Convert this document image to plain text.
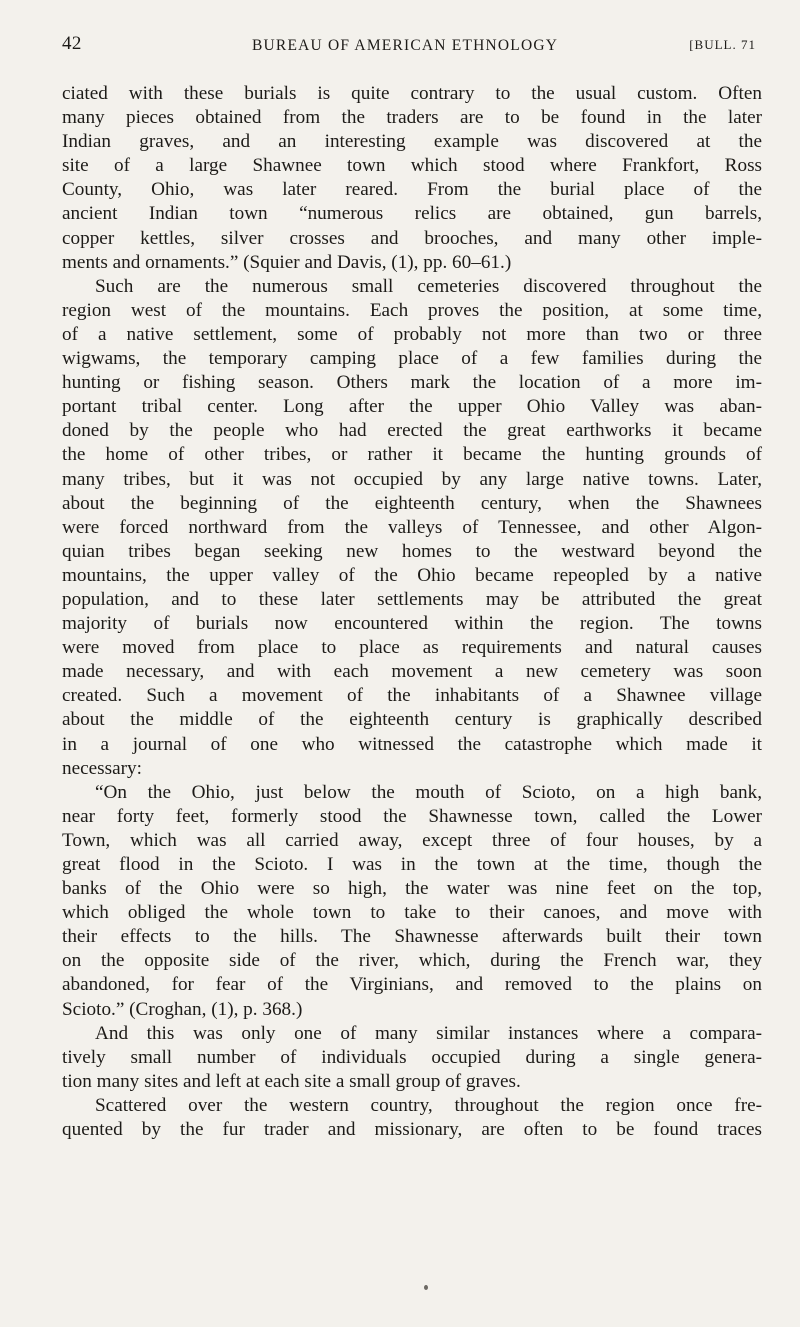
42	BUREAU OF AMERICAN ETHNOLOGY	[BULL. 71
ciated with these burials is quite contrary to the usual custom. Often
many pieces obtained from the traders are to be found in the later
Indian graves, and an interesting example was discovered at the
site of a large Shawnee town which stood where Frankfort, Ross
County, Ohio, was later reared. From the burial place of the
ancient Indian town “numerous relics are obtained, gun barrels,
copper kettles, silver crosses and brooches, and many other imple-
ments and ornaments.” (Squier and Davis, (1), pp. 60–61.)
Such are the numerous small cemeteries discovered throughout the
region west of the mountains. Each proves the position, at some time,
of a native settlement, some of probably not more than two or three
wigwams, the temporary camping place of a few families during the
hunting or fishing season. Others mark the location of a more im-
portant tribal center. Long after the upper Ohio Valley was aban-
doned by the people who had erected the great earthworks it became
the home of other tribes, or rather it became the hunting grounds of
many tribes, but it was not occupied by any large native towns. Later,
about the beginning of the eighteenth century, when the Shawnees
were forced northward from the valleys of Tennessee, and other Algon-
quian tribes began seeking new homes to the westward beyond the
mountains, the upper valley of the Ohio became repeopled by a native
population, and to these later settlements may be attributed the great
majority of burials now encountered within the region. The towns
were moved from place to place as requirements and natural causes
made necessary, and with each movement a new cemetery was soon
created. Such a movement of the inhabitants of a Shawnee village
about the middle of the eighteenth century is graphically described
in a journal of one who witnessed the catastrophe which made it
necessary:
“On the Ohio, just below the mouth of Scioto, on a high bank,
near forty feet, formerly stood the Shawnesse town, called the Lower
Town, which was all carried away, except three of four houses, by a
great flood in the Scioto. I was in the town at the time, though the
banks of the Ohio were so high, the water was nine feet on the top,
which obliged the whole town to take to their canoes, and move with
their effects to the hills. The Shawnesse afterwards built their town
on the opposite side of the river, which, during the French war, they
abandoned, for fear of the Virginians, and removed to the plains on
Scioto.” (Croghan, (1), p. 368.)
And this was only one of many similar instances where a compara-
tively small number of individuals occupied during a single genera-
tion many sites and left at each site a small group of graves.
Scattered over the western country, throughout the region once fre-
quented by the fur trader and missionary, are often to be found traces
